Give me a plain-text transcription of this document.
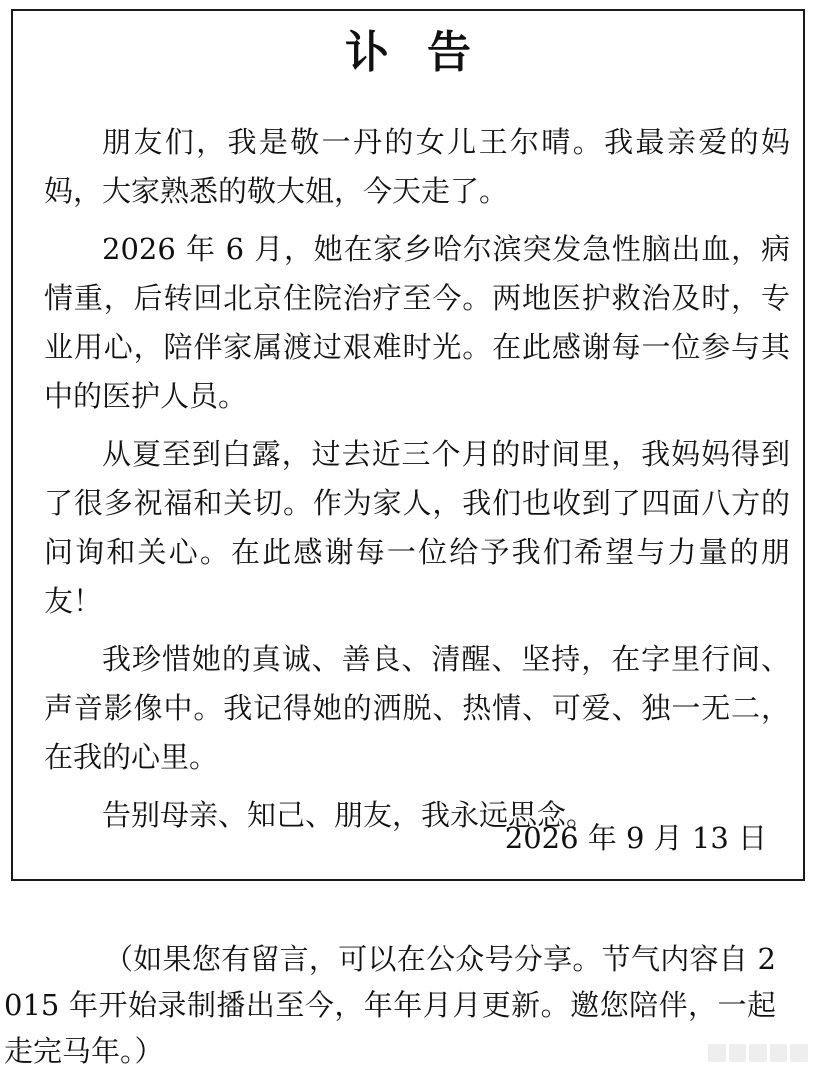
讣告

朋友们，我是敬一丹的女儿王尔晴。我最亲爱的妈妈，大家熟悉的敬大姐，今天走了。

2026 年 6 月，她在家乡哈尔滨突发急性脑出血，病情重，后转回北京住院治疗至今。两地医护救治及时，专业用心，陪伴家属渡过艰难时光。在此感谢每一位参与其中的医护人员。

从夏至到白露，过去近三个月的时间里，我妈妈得到了很多祝福和关切。作为家人，我们也收到了四面八方的问询和关心。在此感谢每一位给予我们希望与力量的朋友！

我珍惜她的真诚、善良、清醒、坚持，在字里行间、声音影像中。我记得她的洒脱、热情、可爱、独一无二，在我的心里。

告别母亲、知己、朋友，我永远思念。

2026 年 9 月 13 日

（如果您有留言，可以在公众号分享。节气内容自 2015 年开始录制播出至今，年年月月更新。邀您陪伴，一起走完马年。）
